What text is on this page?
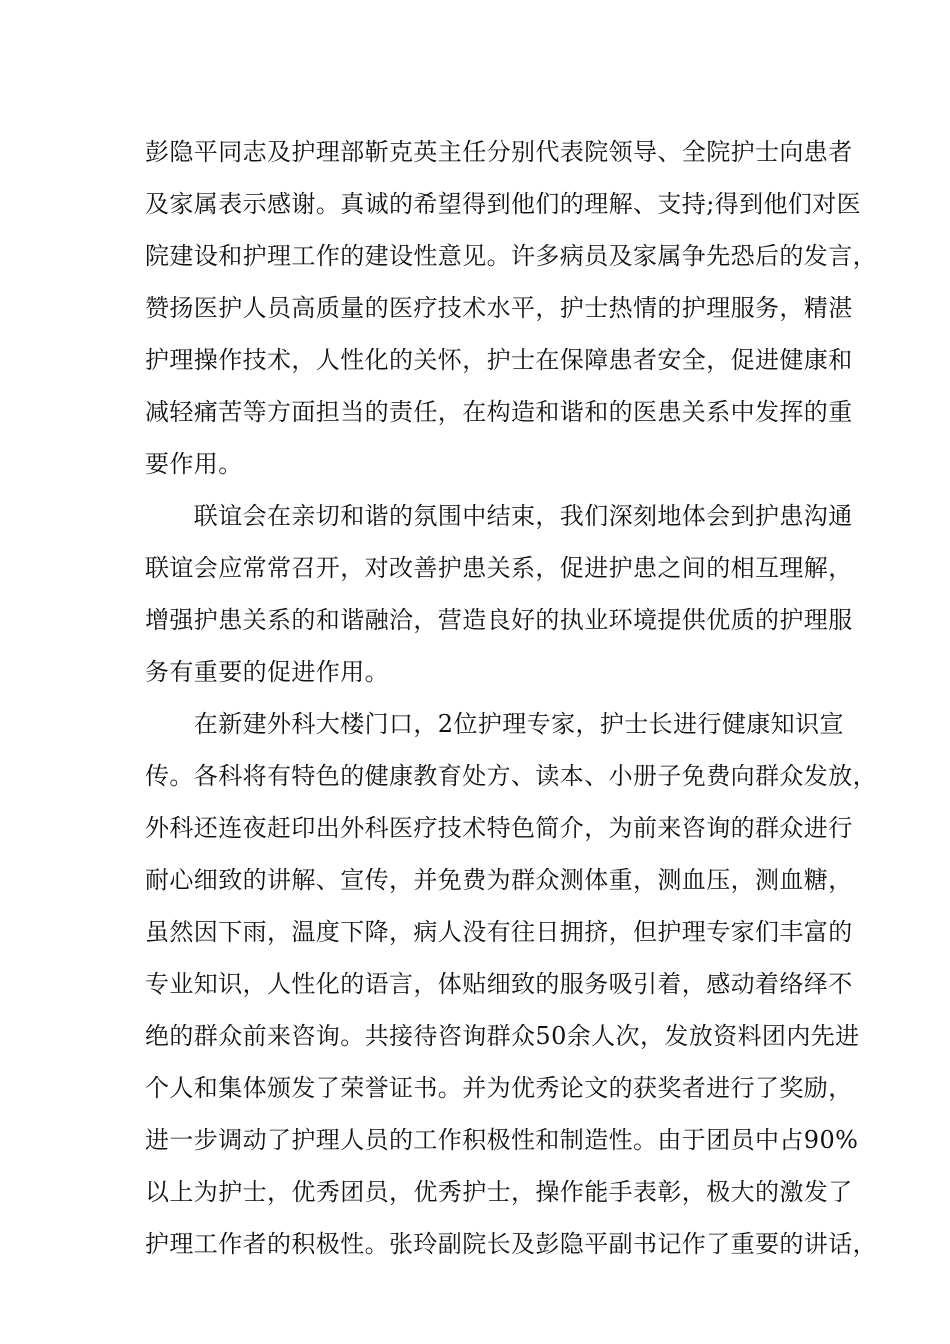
彭隐平同志及护理部靳克英主任分别代表院领导、全院护士向患者
及家属表示感谢。真诚的希望得到他们的理解、支持;得到他们对医
院建设和护理工作的建设性意见。许多病员及家属争先恐后的发言，
赞扬医护人员高质量的医疗技术水平，护士热情的护理服务，精湛
护理操作技术，人性化的关怀，护士在保障患者安全，促进健康和
减轻痛苦等方面担当的责任，在构造和谐和的医患关系中发挥的重
要作用。
　　联谊会在亲切和谐的氛围中结束，我们深刻地体会到护患沟通
联谊会应常常召开，对改善护患关系，促进护患之间的相互理解，
增强护患关系的和谐融洽，营造良好的执业环境提供优质的护理服
务有重要的促进作用。
　　在新建外科大楼门口，2位护理专家，护士长进行健康知识宣
传。各科将有特色的健康教育处方、读本、小册子免费向群众发放，
外科还连夜赶印出外科医疗技术特色简介，为前来咨询的群众进行
耐心细致的讲解、宣传，并免费为群众测体重，测血压，测血糖，
虽然因下雨，温度下降，病人没有往日拥挤，但护理专家们丰富的
专业知识，人性化的语言，体贴细致的服务吸引着，感动着络绎不
绝的群众前来咨询。共接待咨询群众50余人次，发放资料团内先进
个人和集体颁发了荣誉证书。并为优秀论文的获奖者进行了奖励，
进一步调动了护理人员的工作积极性和制造性。由于团员中占90%
以上为护士，优秀团员，优秀护士，操作能手表彰，极大的激发了
护理工作者的积极性。张玲副院长及彭隐平副书记作了重要的讲话，
